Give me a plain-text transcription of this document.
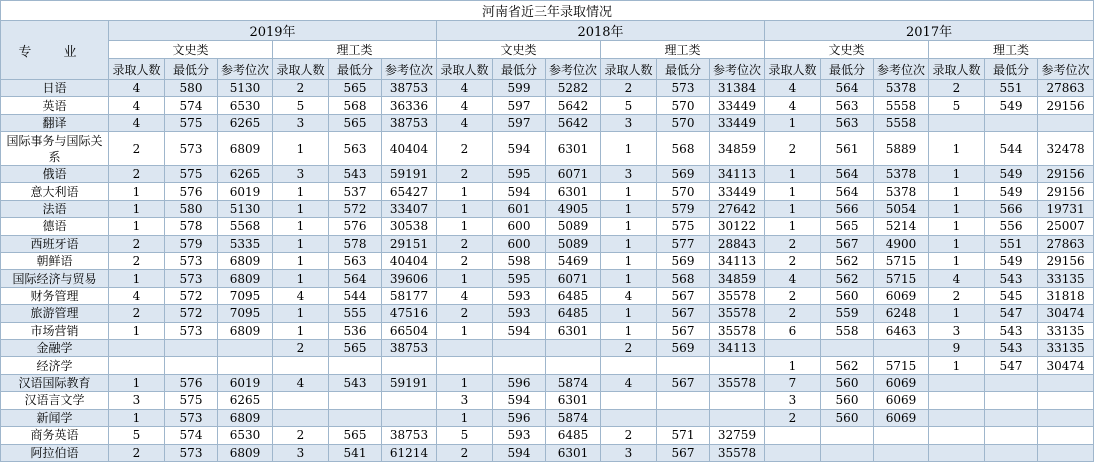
河南省近三年录取情况																		
专 业	2019年						2018年						2017年					
	文史类			理工类			文史类			理工类			文史类			理工类		
	录取人数	最低分	参考位次	录取人数	最低分	参考位次	录取人数	最低分	参考位次	录取人数	最低分	参考位次	录取人数	最低分	参考位次	录取人数	最低分	参考位次
日语	4	580	5130	2	565	38753	4	599	5282	2	573	31384	4	564	5378	2	551	27863
英语	4	574	6530	5	568	36336	4	597	5642	5	570	33449	4	563	5558	5	549	29156
翻译	4	575	6265	3	565	38753	4	597	5642	3	570	33449	1	563	5558			
国际事务与国际关系	2	573	6809	1	563	40404	2	594	6301	1	568	34859	2	561	5889	1	544	32478
俄语	2	575	6265	3	543	59191	2	595	6071	3	569	34113	1	564	5378	1	549	29156
意大利语	1	576	6019	1	537	65427	1	594	6301	1	570	33449	1	564	5378	1	549	29156
法语	1	580	5130	1	572	33407	1	601	4905	1	579	27642	1	566	5054	1	566	19731
德语	1	578	5568	1	576	30538	1	600	5089	1	575	30122	1	565	5214	1	556	25007
西班牙语	2	579	5335	1	578	29151	2	600	5089	1	577	28843	2	567	4900	1	551	27863
朝鲜语	2	573	6809	1	563	40404	2	598	5469	1	569	34113	2	562	5715	1	549	29156
国际经济与贸易	1	573	6809	1	564	39606	1	595	6071	1	568	34859	4	562	5715	4	543	33135
财务管理	4	572	7095	4	544	58177	4	593	6485	4	567	35578	2	560	6069	2	545	31818
旅游管理	2	572	7095	1	555	47516	2	593	6485	1	567	35578	2	559	6248	1	547	30474
市场营销	1	573	6809	1	536	66504	1	594	6301	1	567	35578	6	558	6463	3	543	33135
金融学				2	565	38753				2	569	34113				9	543	33135
经济学													1	562	5715	1	547	30474
汉语国际教育	1	576	6019	4	543	59191	1	596	5874	4	567	35578	7	560	6069			
汉语言文学	3	575	6265				3	594	6301				3	560	6069			
新闻学	1	573	6809				1	596	5874				2	560	6069			
商务英语	5	574	6530	2	565	38753	5	593	6485	2	571	32759						
阿拉伯语	2	573	6809	3	541	61214	2	594	6301	3	567	35578						
